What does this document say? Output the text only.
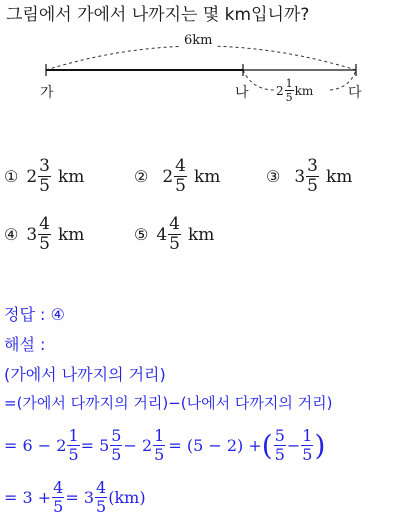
그림에서 가에서 나까지는 몇 km입니까?
6km
가	나	다
$2 \frac{1}{5}$ km
① $2 \frac{3}{5}$ km	② $2 \frac{4}{5}$ km	③ $3 \frac{3}{5}$ km
④ $3 \frac{4}{5}$ km	⑤ $4 \frac{4}{5}$ km
정답 : ④
해설 :
(가에서 나까지의 거리)
=(가에서 다까지의 거리)−(나에서 다까지의 거리)
= $6 - 2 \frac{1}{5} = 5 \frac{5}{5} - 2 \frac{1}{5} = (5 - 2)$ + ( $\frac{5}{5} - \frac{1}{5}$ )
= $3 + \frac{4}{5} = 3 \frac{4}{5} (km)$
